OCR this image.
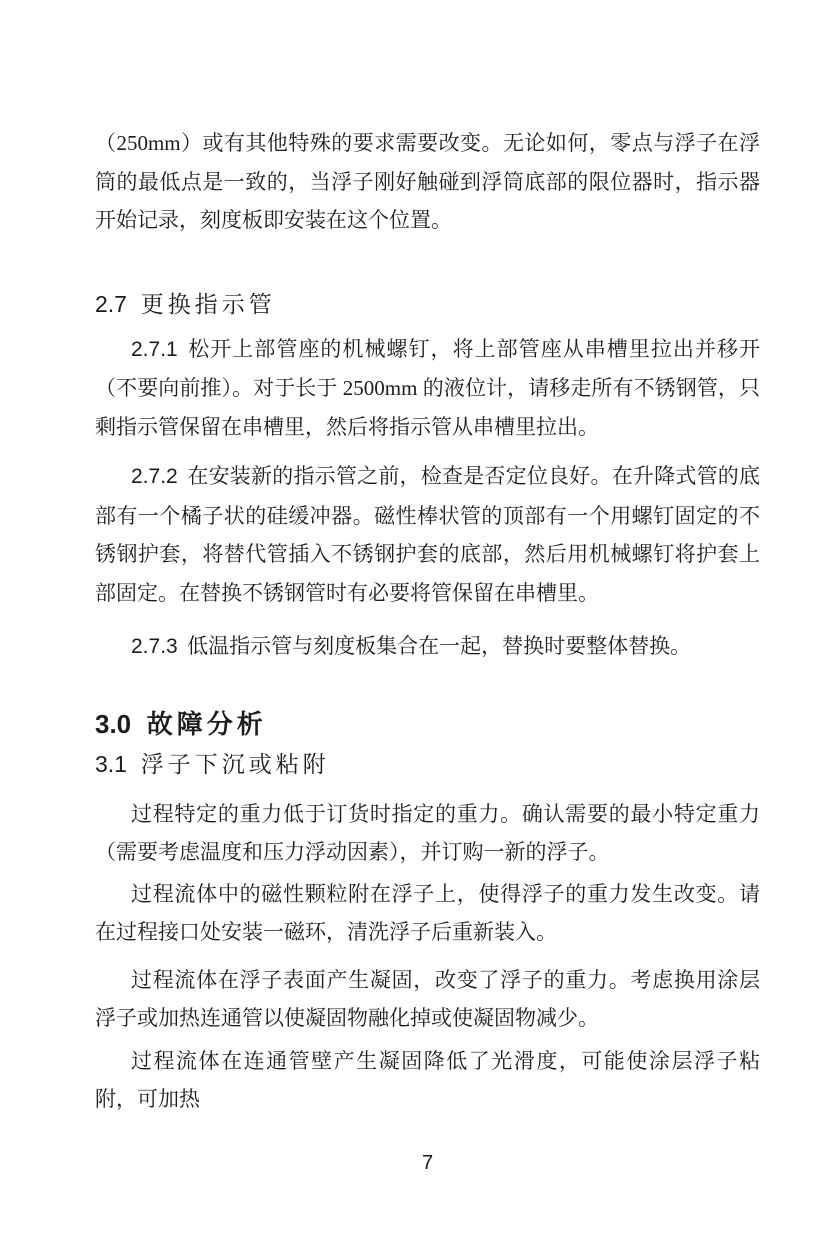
（250mm）或有其他特殊的要求需要改变。无论如何，零点与浮子在浮筒的最低点是一致的，当浮子刚好触碰到浮筒底部的限位器时，指示器开始记录，刻度板即安装在这个位置。

2.7 更换指示管

2.7.1 松开上部管座的机械螺钉，将上部管座从串槽里拉出并移开（不要向前推）。对于长于 2500mm 的液位计，请移走所有不锈钢管，只剩指示管保留在串槽里，然后将指示管从串槽里拉出。

2.7.2 在安装新的指示管之前，检查是否定位良好。在升降式管的底部有一个橘子状的硅缓冲器。磁性棒状管的顶部有一个用螺钉固定的不锈钢护套，将替代管插入不锈钢护套的底部，然后用机械螺钉将护套上部固定。在替换不锈钢管时有必要将管保留在串槽里。

2.7.3 低温指示管与刻度板集合在一起，替换时要整体替换。

3.0 故障分析
3.1 浮子下沉或粘附

过程特定的重力低于订货时指定的重力。确认需要的最小特定重力（需要考虑温度和压力浮动因素），并订购一新的浮子。

过程流体中的磁性颗粒附在浮子上，使得浮子的重力发生改变。请在过程接口处安装一磁环，清洗浮子后重新装入。

过程流体在浮子表面产生凝固，改变了浮子的重力。考虑换用涂层浮子或加热连通管以使凝固物融化掉或使凝固物减少。

过程流体在连通管壁产生凝固降低了光滑度，可能使涂层浮子粘附，可加热

7
